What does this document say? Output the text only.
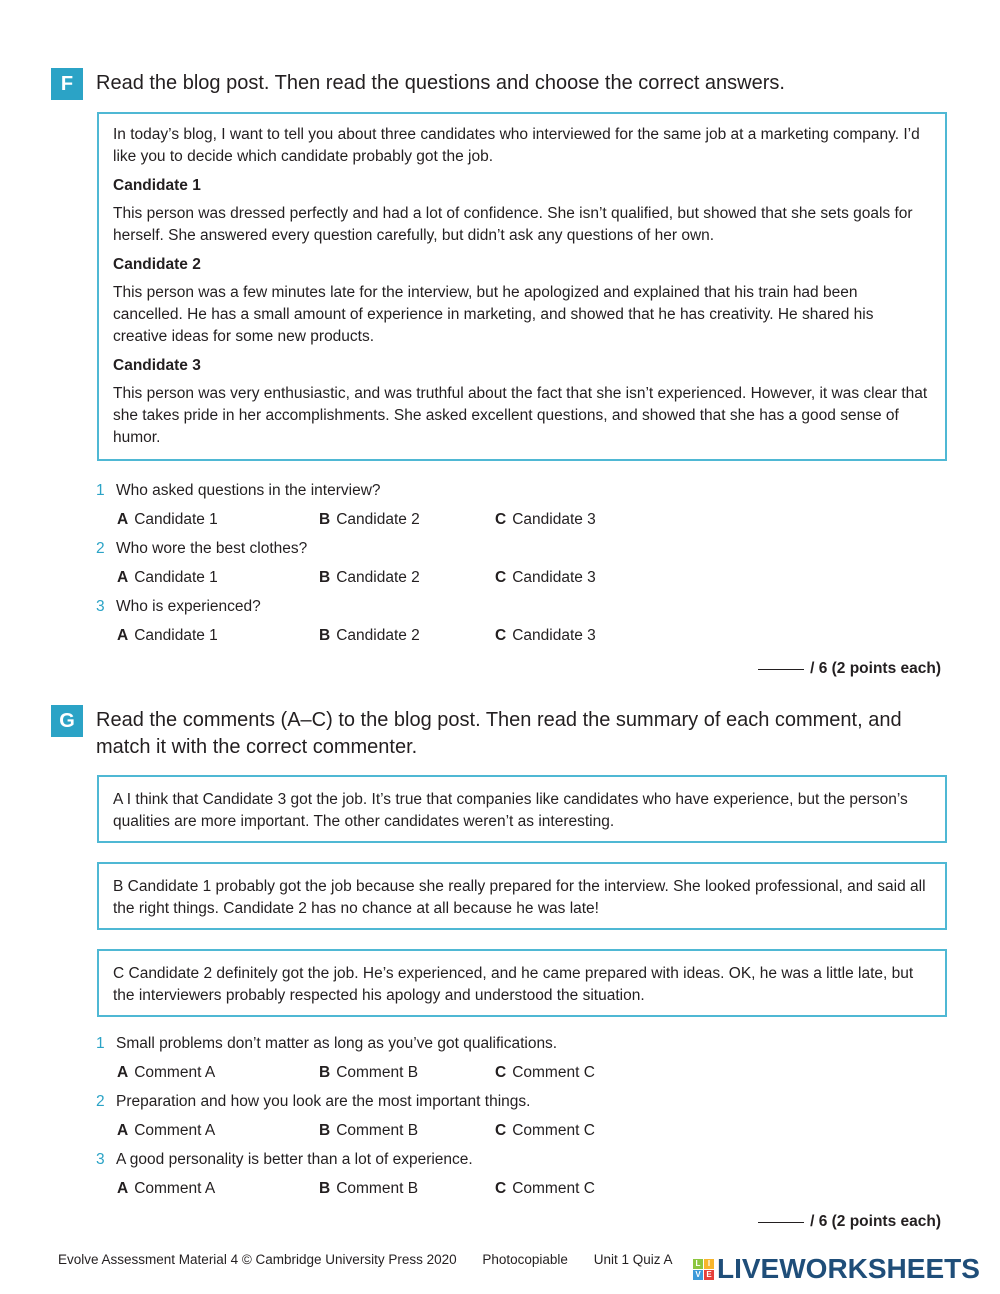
F	Read the blog post. Then read the questions and choose the correct answers.

In today’s blog, I want to tell you about three candidates who interviewed for the same job at a marketing company. I’d like you to decide which candidate probably got the job.

Candidate 1

This person was dressed perfectly and had a lot of confidence. She isn’t qualified, but showed that she sets goals for herself. She answered every question carefully, but didn’t ask any questions of her own.

Candidate 2

This person was a few minutes late for the interview, but he apologized and explained that his train had been cancelled. He has a small amount of experience in marketing, and showed that he has creativity. He shared his creative ideas for some new products.

Candidate 3

This person was very enthusiastic, and was truthful about the fact that she isn’t experienced. However, it was clear that she takes pride in her accomplishments. She asked excellent questions, and showed that she has a good sense of humor.

1 Who asked questions in the interview?
A Candidate 1	B Candidate 2	C Candidate 3
2 Who wore the best clothes?
A Candidate 1	B Candidate 2	C Candidate 3
3 Who is experienced?
A Candidate 1	B Candidate 2	C Candidate 3
/ 6 (2 points each)
G	Read the comments (A–C) to the blog post. Then read the summary of each comment, and match it with the correct commenter.

A I think that Candidate 3 got the job. It’s true that companies like candidates who have experience, but the person’s qualities are more important. The other candidates weren’t as interesting.

B Candidate 1 probably got the job because she really prepared for the interview. She looked professional, and said all the right things. Candidate 2 has no chance at all because he was late!

C Candidate 2 definitely got the job. He’s experienced, and he came prepared with ideas. OK, he was a little late, but the interviewers probably respected his apology and understood the situation.

1 Small problems don’t matter as long as you’ve got qualifications.
A Comment A	B Comment B	C Comment C
2 Preparation and how you look are the most important things.
A Comment A	B Comment B	C Comment C
3 A good personality is better than a lot of experience.
A Comment A	B Comment B	C Comment C
/ 6 (2 points each)
Evolve Assessment Material 4 © Cambridge University Press 2020 Photocopiable Unit 1 Quiz A	L I
V E LIVEWORKSHEETS
